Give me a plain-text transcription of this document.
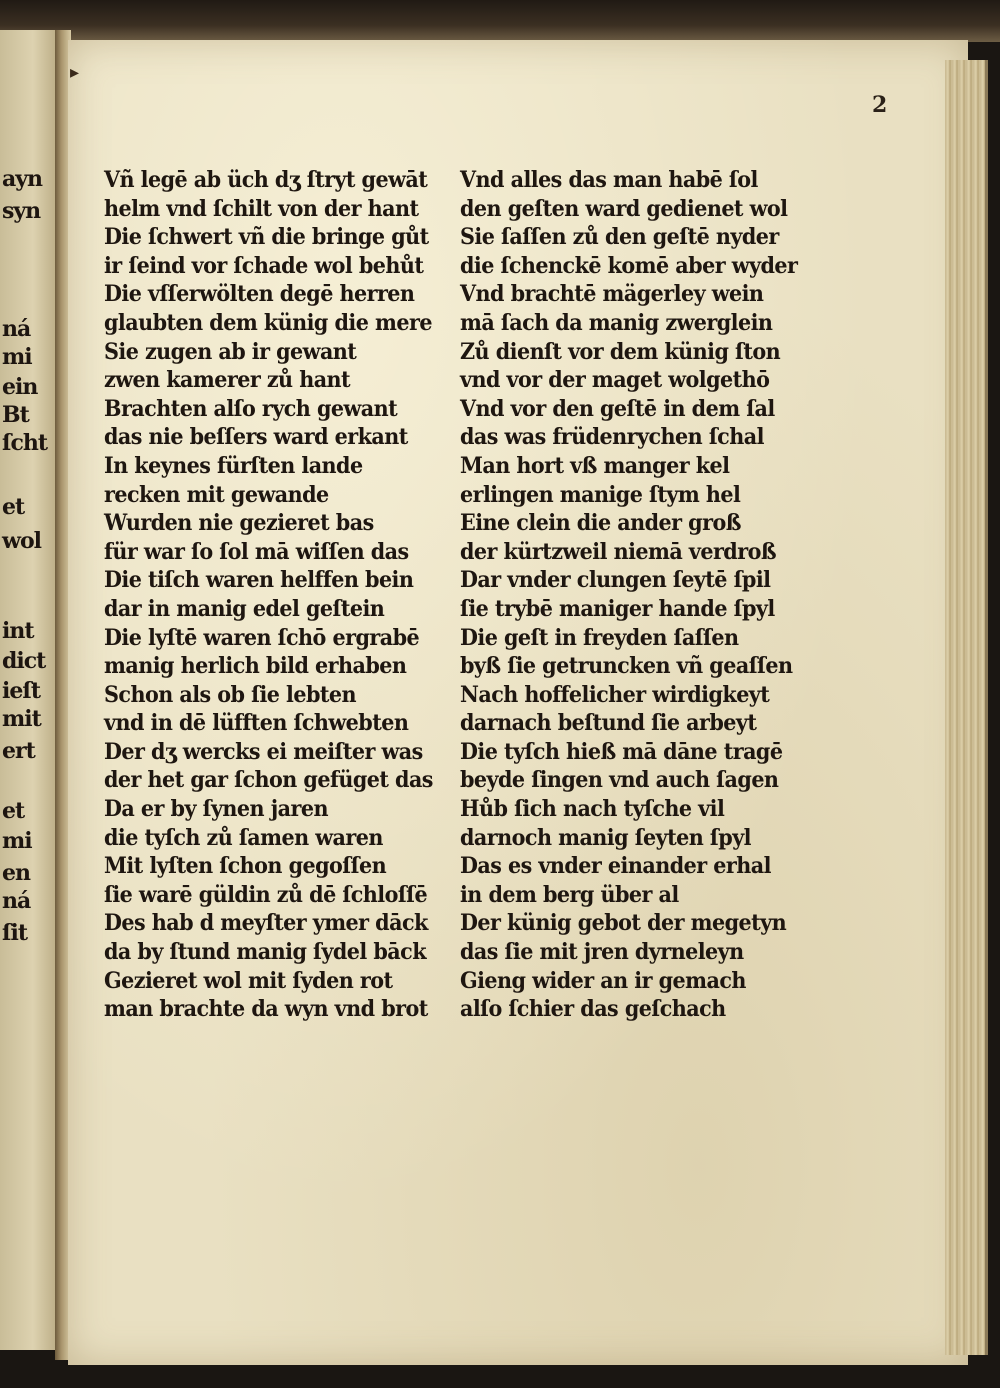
ayn
syn
ná
mi
ein
Bt
ſcht
et
wol
int
dict
ieſt
mit
ert
et
mi
en
ná
ſit
▸
2
Vñ legē ab üch dʒ ſtryt gewāt
helm vnd ſchilt von der hant
Die ſchwert vñ die bringe gůt
ir ſeind vor ſchade wol behůt
Die vſſerwölten degē herren
glaubten dem künig die mere
Sie zugen ab ir gewant
zwen kamerer zů hant
Brachten alſo rych gewant
das nie beſſers ward erkant
In keynes fürſten lande
recken mit gewande
Wurden nie gezieret bas
für war ſo ſol mā wiſſen das
Die tiſch waren helffen bein
dar in manig edel geſtein
Die lyſtē waren ſchō ergrabē
manig herlich bild erhaben
Schon als ob ſie lebten
vnd in dē lüfften ſchwebten
Der dʒ wercks ei meiſter was
der het gar ſchon gefüget das
Da er by ſynen jaren
die tyſch zů ſamen waren
Mit lyſten ſchon gegoſſen
ſie warē güldin zů dē ſchloſſē
Des hab d meyſter ymer dāck
da by ſtund manig ſydel bāck
Gezieret wol mit ſyden rot
man brachte da wyn vnd brot
Vnd alles das man habē ſol
den geſten ward gedienet wol
Sie ſaſſen zů den geſtē nyder
die ſchenckē komē aber wyder
Vnd brachtē mägerley wein
mā ſach da manig zwerglein
Zů dienſt vor dem künig ſton
vnd vor der maget wolgethō
Vnd vor den geſtē in dem ſal
das was früdenrychen ſchal
Man hort vß manger kel
erlingen manige ſtym hel
Eine clein die ander groß
der kürtzweil niemā verdroß
Dar vnder clungen ſeytē ſpil
ſie trybē maniger hande ſpyl
Die geſt in freyden ſaſſen
byß ſie getruncken vñ geaſſen
Nach hoffelicher wirdigkeyt
darnach beſtund ſie arbeyt
Die tyſch hieß mā dāne tragē
beyde ſingen vnd auch ſagen
Hůb ſich nach tyſche vil
darnoch manig ſeyten ſpyl
Das es vnder einander erhal
in dem berg über al
Der künig gebot der megetyn
das ſie mit jren dyrneleyn
Gieng wider an ir gemach
alſo ſchier das geſchach
